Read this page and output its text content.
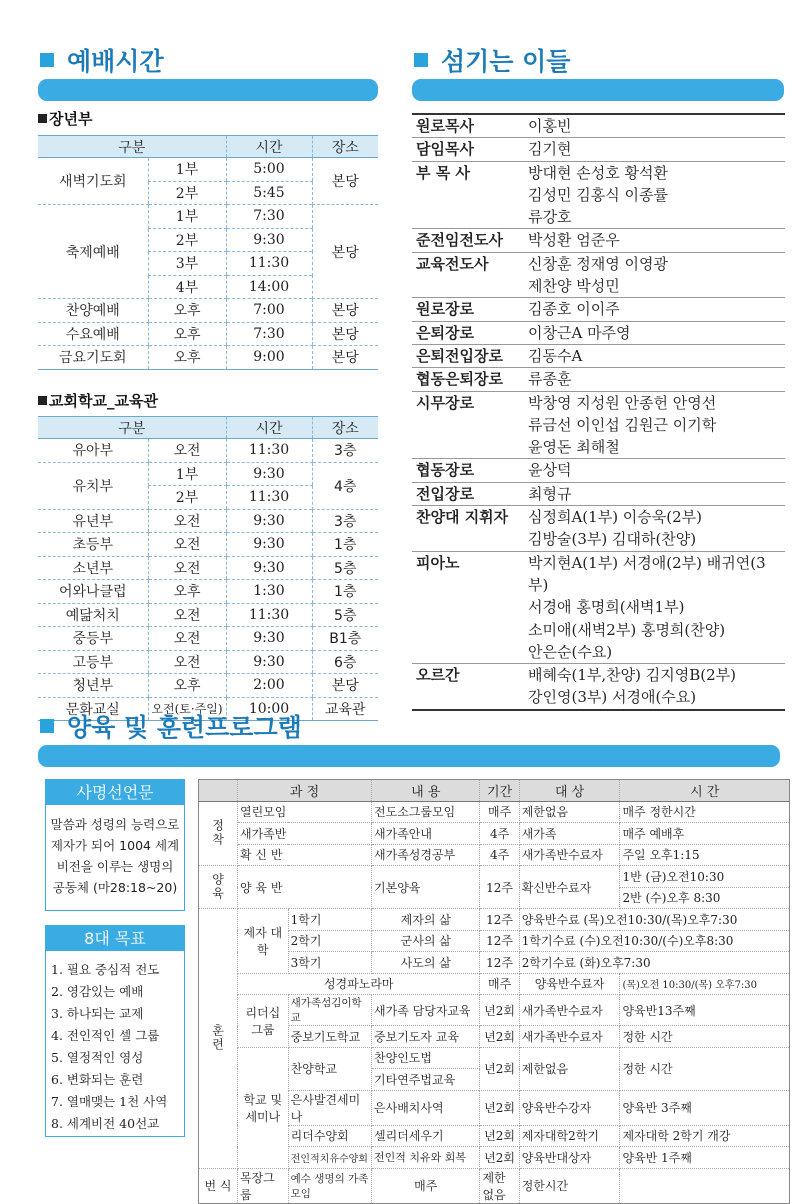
예배시간	섬기는 이들
장년부
구분		시간	장소
새벽기도회	1부	5:00	본당
	2부	5:45	
축제예배	1부	7:30	본당
	2부	9:30	
	3부	11:30	
	4부	14:00	
찬양예배	오후	7:00	본당
수요예배	오후	7:30	본당
금요기도회	오후	9:00	본당
교회학교_교육관
구분		시간	장소
유아부	오전	11:30	3층
유치부	1부	9:30	4층
	2부	11:30	
유년부	오전	9:30	3층
초등부	오전	9:30	1층
소년부	오전	9:30	5층
어와나클럽	오후	1:30	1층
예닮처치	오전	11:30	5층
중등부	오전	9:30	B1층
고등부	오전	9:30	6층
청년부	오후	2:00	본당
문화교실	오전(토·주일)	10:00	교육관
원로목사	이홍빈
담임목사	김기현
부 목 사	방대현 손성호 황석환
김성민 김홍식 이종률
류강호
준전임전도사	박성환 엄준우
교육전도사	신창훈 정재영 이영광
제찬양 박성민
원로장로	김종호 이이주
은퇴장로	이창근A 마주영
은퇴전입장로	김동수A
협동은퇴장로	류종훈
시무장로	박창영 지성원 안종헌 안영선
류금선 이인섭 김원근 이기학
윤영돈 최해철
협동장로	윤상덕
전입장로	최형규
찬양대 지휘자	심정희A(1부) 이승욱(2부)
김방술(3부) 김대하(찬양)
피아노	박지현A(1부) 서경애(2부) 배귀연(3부)
서경애 홍명희(새벽1부)
소미애(새벽2부) 홍명희(찬양)
안은순(수요)
오르간	배혜숙(1부,찬양) 김지영B(2부)
강인영(3부) 서경애(수요)
양육 및 훈련프로그램
사명선언문
말씀과 성령의 능력으로
제자가 되어 1004 세계
비전을 이루는 생명의
공동체 (마28:18~20)
8대 목표
1. 필요 중심적 전도
2. 영감있는 예배
3. 하나되는 교제
4. 전인적인 셀 그룹
5. 열정적인 영성
6. 변화되는 훈련
7. 열매맺는 1천 사역
8. 세계비전 40선교
	과 정		내 용	기간	대 상	시 간
정착	열린모임		전도소그룹모임	매주	제한없음	매주 정한시간
	새가족반		새가족안내	4주	새가족	매주 예배후
	확 신 반		새가족성경공부	4주	새가족반수료자	주일 오후1:15
양육	양 육 반		기본양육	12주	확신반수료자	1반 (금)오전10:30
						2반 (수)오후 8:30
훈련	제자 대학	1학기	제자의 삶	12주	양육반수료 (목)오전10:30/(목)오후7:30	
		2학기	군사의 삶	12주	1학기수료 (수)오전10:30/(수)오후8:30	
		3학기	사도의 삶	12주	2학기수료 (화)오후7:30	
	성경파노라마			매주	양육반수료자	(목)오전 10:30/(목) 오후7:30
	리더십 그룹	새가족섬김이학교	새가족 담당자교육	년2회	새가족반수료자	양육반13주째
		중보기도학교	중보기도자 교육	년2회	새가족반수료자	정한 시간
	학교 및 세미나	찬양학교	찬양인도법	년2회	제한없음	정한 시간
			기타연주법교육			
		은사발견세미나	은사배치사역	년2회	양육반수강자	양육반 3주째
		리더수양회	셀리더세우기	년2회	제자대학2학기	제자대학 2학기 개강
		전인적치유수양회	전인적 치유와 회복	년2회	양육반대상자	양육반 1주째
번 식	목장그룹	예수 생명의 가족모임	매주	제한없음	정한시간	
